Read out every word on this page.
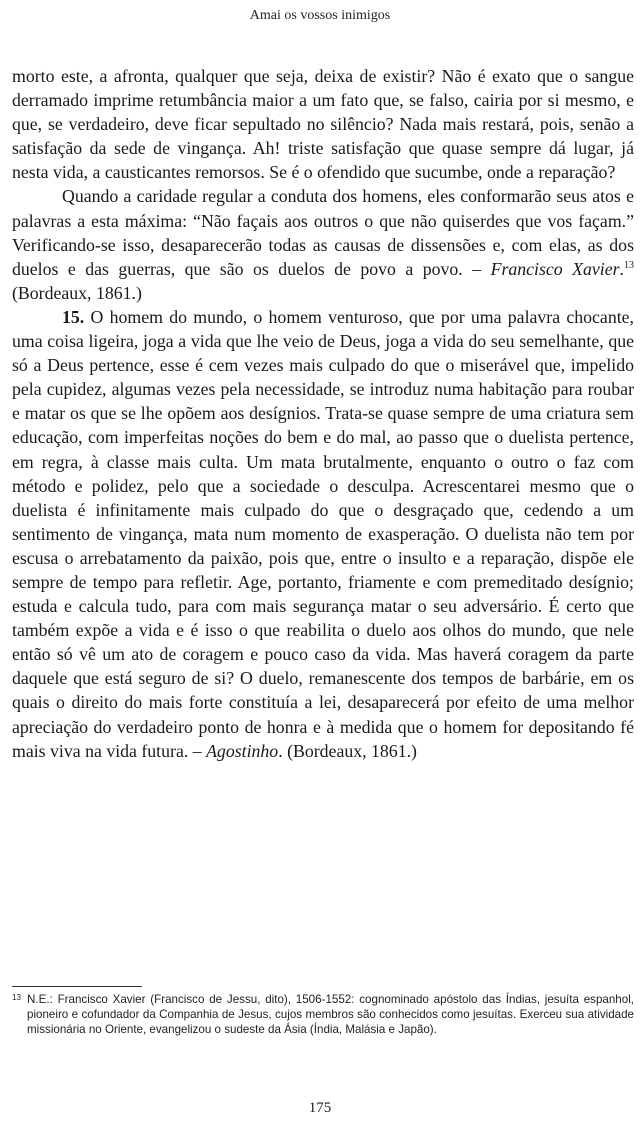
Amai os vossos inimigos

morto este, a afronta, qualquer que seja, deixa de existir? Não é exato que o sangue derramado imprime retumbância maior a um fato que, se falso, cairia por si mesmo, e que, se verdadeiro, deve ficar sepultado no silêncio? Nada mais restará, pois, senão a satisfação da sede de vingança. Ah! triste satisfação que quase sempre dá lugar, já nesta vida, a causticantes remorsos. Se é o ofendido que sucumbe, onde a reparação?

Quando a caridade regular a conduta dos homens, eles conformarão seus atos e palavras a esta máxima: “Não façais aos outros o que não quiserdes que vos façam.” Verificando-se isso, desaparecerão todas as causas de dissensões e, com elas, as dos duelos e das guerras, que são os duelos de povo a povo. – Francisco Xavier.$^{13}$ (Bordeaux, 1861.)

15. O homem do mundo, o homem venturoso, que por uma palavra chocante, uma coisa ligeira, joga a vida que lhe veio de Deus, joga a vida do seu semelhante, que só a Deus pertence, esse é cem vezes mais culpado do que o miserável que, impelido pela cupidez, algumas vezes pela necessidade, se introduz numa habitação para roubar e matar os que se lhe opõem aos desígnios. Trata-se quase sempre de uma criatura sem educação, com imperfeitas noções do bem e do mal, ao passo que o duelista pertence, em regra, à classe mais culta. Um mata brutalmente, enquanto o outro o faz com método e polidez, pelo que a sociedade o desculpa. Acrescentarei mesmo que o duelista é infinitamente mais culpado do que o desgraçado que, cedendo a um sentimento de vingança, mata num momento de exasperação. O duelista não tem por escusa o arrebatamento da paixão, pois que, entre o insulto e a reparação, dispõe ele sempre de tempo para refletir. Age, portanto, friamente e com premeditado desígnio; estuda e calcula tudo, para com mais segurança matar o seu adversário. É certo que também expõe a vida e é isso o que reabilita o duelo aos olhos do mundo, que nele então só vê um ato de coragem e pouco caso da vida. Mas haverá coragem da parte daquele que está seguro de si? O duelo, remanescente dos tempos de barbárie, em os quais o direito do mais forte constituía a lei, desaparecerá por efeito de uma melhor apreciação do verdadeiro ponto de honra e à medida que o homem for depositando fé mais viva na vida futura. – Agostinho. (Bordeaux, 1861.)

13 N.E.: Francisco Xavier (Francisco de Jessu, dito), 1506-1552: cognominado apóstolo das Índias, jesuíta espanhol, pioneiro e cofundador da Companhia de Jesus, cujos membros são conhecidos como jesuítas. Exerceu sua atividade missionária no Oriente, evangelizou o sudeste da Ásia (Índia, Malásia e Japão).
175
